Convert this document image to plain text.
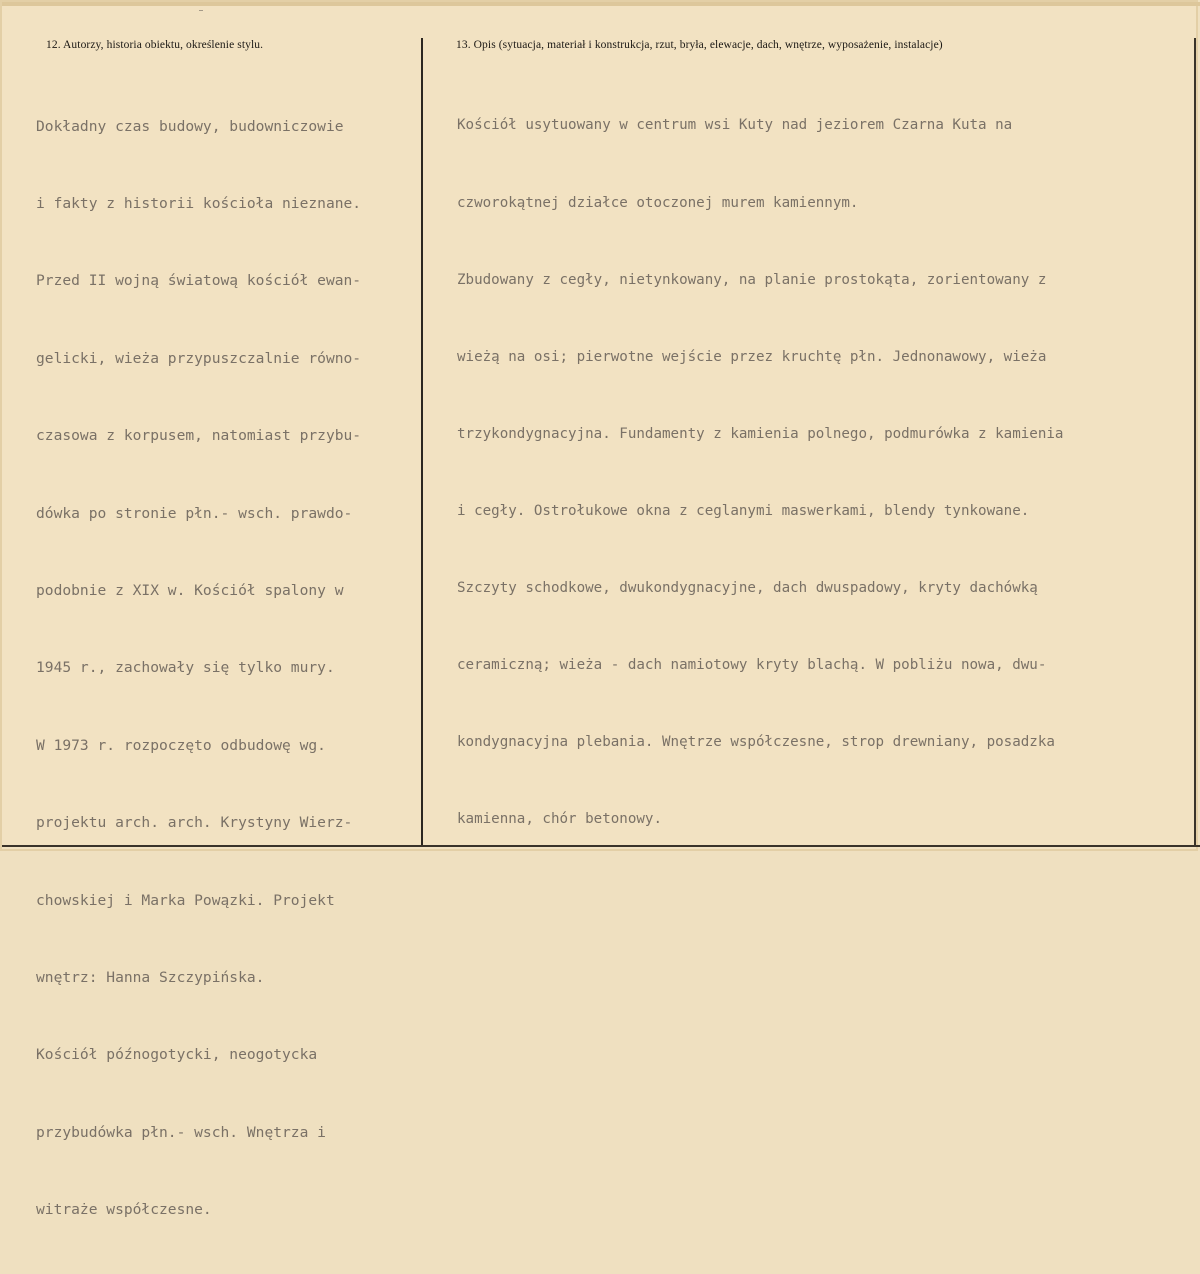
12. Autorzy, historia obiektu, określenie stylu.	13. Opis (sytuacja, materiał i konstrukcja, rzut, bryła, elewacje, dach, wnętrze, wyposażenie, instalacje)

Dokładny czas budowy, budowniczowie

i fakty z historii kościoła nieznane.

Przed II wojną światową kościół ewan-

gelicki, wieża przypuszczalnie równo-

czasowa z korpusem, natomiast przybu-

dówka po stronie płn.- wsch. prawdo-

podobnie z XIX w. Kościół spalony w

1945 r., zachowały się tylko mury.

W 1973 r. rozpoczęto odbudowę wg.

projektu arch. arch. Krystyny Wierz-

chowskiej i Marka Powązki. Projekt

wnętrz: Hanna Szczypińska.

Kościół późnogotycki, neogotycka

przybudówka płn.- wsch. Wnętrza i

witraże współczesne.

Kościół usytuowany w centrum wsi Kuty nad jeziorem Czarna Kuta na

czworokątnej działce otoczonej murem kamiennym.

Zbudowany z cegły, nietynkowany, na planie prostokąta, zorientowany z

wieżą na osi; pierwotne wejście przez kruchtę płn. Jednonawowy, wieża

trzykondygnacyjna. Fundamenty z kamienia polnego, podmurówka z kamienia

i cegły. Ostrołukowe okna z ceglanymi maswerkami, blendy tynkowane.

Szczyty schodkowe, dwukondygnacyjne, dach dwuspadowy, kryty dachówką

ceramiczną; wieża - dach namiotowy kryty blachą. W pobliżu nowa, dwu-

kondygnacyjna plebania. Wnętrze współczesne, strop drewniany, posadzka

kamienna, chór betonowy.
